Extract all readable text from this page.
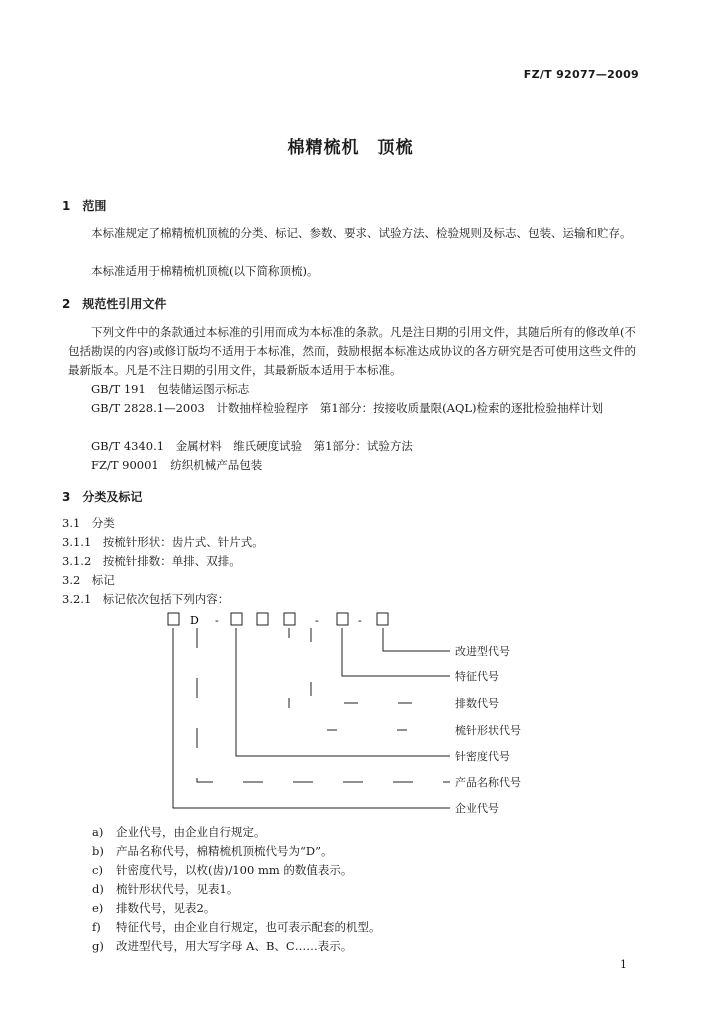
FZ/T 92077—2009
棉精梳机　顶梳
1　范围
本标准规定了棉精梳机顶梳的分类、标记、参数、要求、试验方法、检验规则及标志、包装、运输和贮存。
本标准适用于棉精梳机顶梳(以下简称顶梳)。
2　规范性引用文件
下列文件中的条款通过本标准的引用而成为本标准的条款。凡是注日期的引用文件，其随后所有的修改单(不包括勘误的内容)或修订版均不适用于本标准，然而，鼓励根据本标准达成协议的各方研究是否可使用这些文件的最新版本。凡是不注日期的引用文件，其最新版本适用于本标准。
GB/T 191　包装储运图示标志
GB/T 2828.1—2003　计数抽样检验程序　第1部分：按接收质量限(AQL)检索的逐批检验抽样计划
GB/T 4340.1　金属材料　维氏硬度试验　第1部分：试验方法
FZ/T 90001　纺织机械产品包装
3　分类及标记
3.1　分类
3.1.1　按梳针形状：齿片式、针片式。
3.1.2　按梳针排数：单排、双排。
3.2　标记
3.2.1　标记依次包括下列内容：
D -	-	-
改进型代号
特征代号
排数代号
梳针形状代号
针密度代号
产品名称代号
企业代号
a) 企业代号，由企业自行规定。
b) 产品名称代号，棉精梳机顶梳代号为“D”。
c) 针密度代号，以枚(齿)/100 mm 的数值表示。
d) 梳针形状代号，见表1。
e) 排数代号，见表2。
f) 特征代号，由企业自行规定，也可表示配套的机型。
g) 改进型代号，用大写字母 A、B、C……表示。
1
